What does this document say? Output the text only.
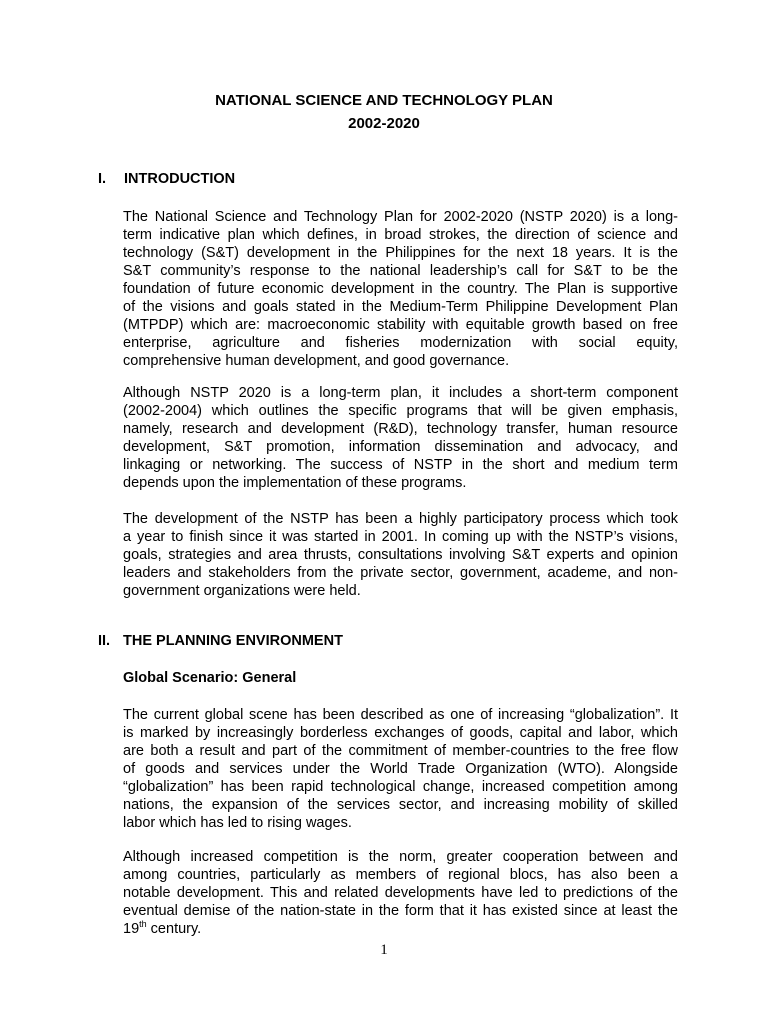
NATIONAL SCIENCE AND TECHNOLOGY PLAN
2002-2020
I. INTRODUCTION
The National Science and Technology Plan for 2002-2020 (NSTP 2020) is a long-
term indicative plan which defines, in broad strokes, the direction of science and
technology (S&T) development in the Philippines for the next 18 years. It is the
S&T community’s response to the national leadership’s call for S&T to be the
foundation of future economic development in the country. The Plan is supportive
of the visions and goals stated in the Medium-Term Philippine Development Plan
(MTPDP) which are: macroeconomic stability with equitable growth based on free
enterprise, agriculture and fisheries modernization with social equity,
comprehensive human development, and good governance.
Although NSTP 2020 is a long-term plan, it includes a short-term component
(2002-2004) which outlines the specific programs that will be given emphasis,
namely, research and development (R&D), technology transfer, human resource
development, S&T promotion, information dissemination and advocacy, and
linkaging or networking. The success of NSTP in the short and medium term
depends upon the implementation of these programs.
The development of the NSTP has been a highly participatory process which took
a year to finish since it was started in 2001. In coming up with the NSTP’s visions,
goals, strategies and area thrusts, consultations involving S&T experts and opinion
leaders and stakeholders from the private sector, government, academe, and non-
government organizations were held.
II. THE PLANNING ENVIRONMENT
Global Scenario: General
The current global scene has been described as one of increasing “globalization”. It
is marked by increasingly borderless exchanges of goods, capital and labor, which
are both a result and part of the commitment of member-countries to the free flow
of goods and services under the World Trade Organization (WTO). Alongside
“globalization” has been rapid technological change, increased competition among
nations, the expansion of the services sector, and increasing mobility of skilled
labor which has led to rising wages.
Although increased competition is the norm, greater cooperation between and
among countries, particularly as members of regional blocs, has also been a
notable development. This and related developments have led to predictions of the
eventual demise of the nation-state in the form that it has existed since at least the
19th century.
1
